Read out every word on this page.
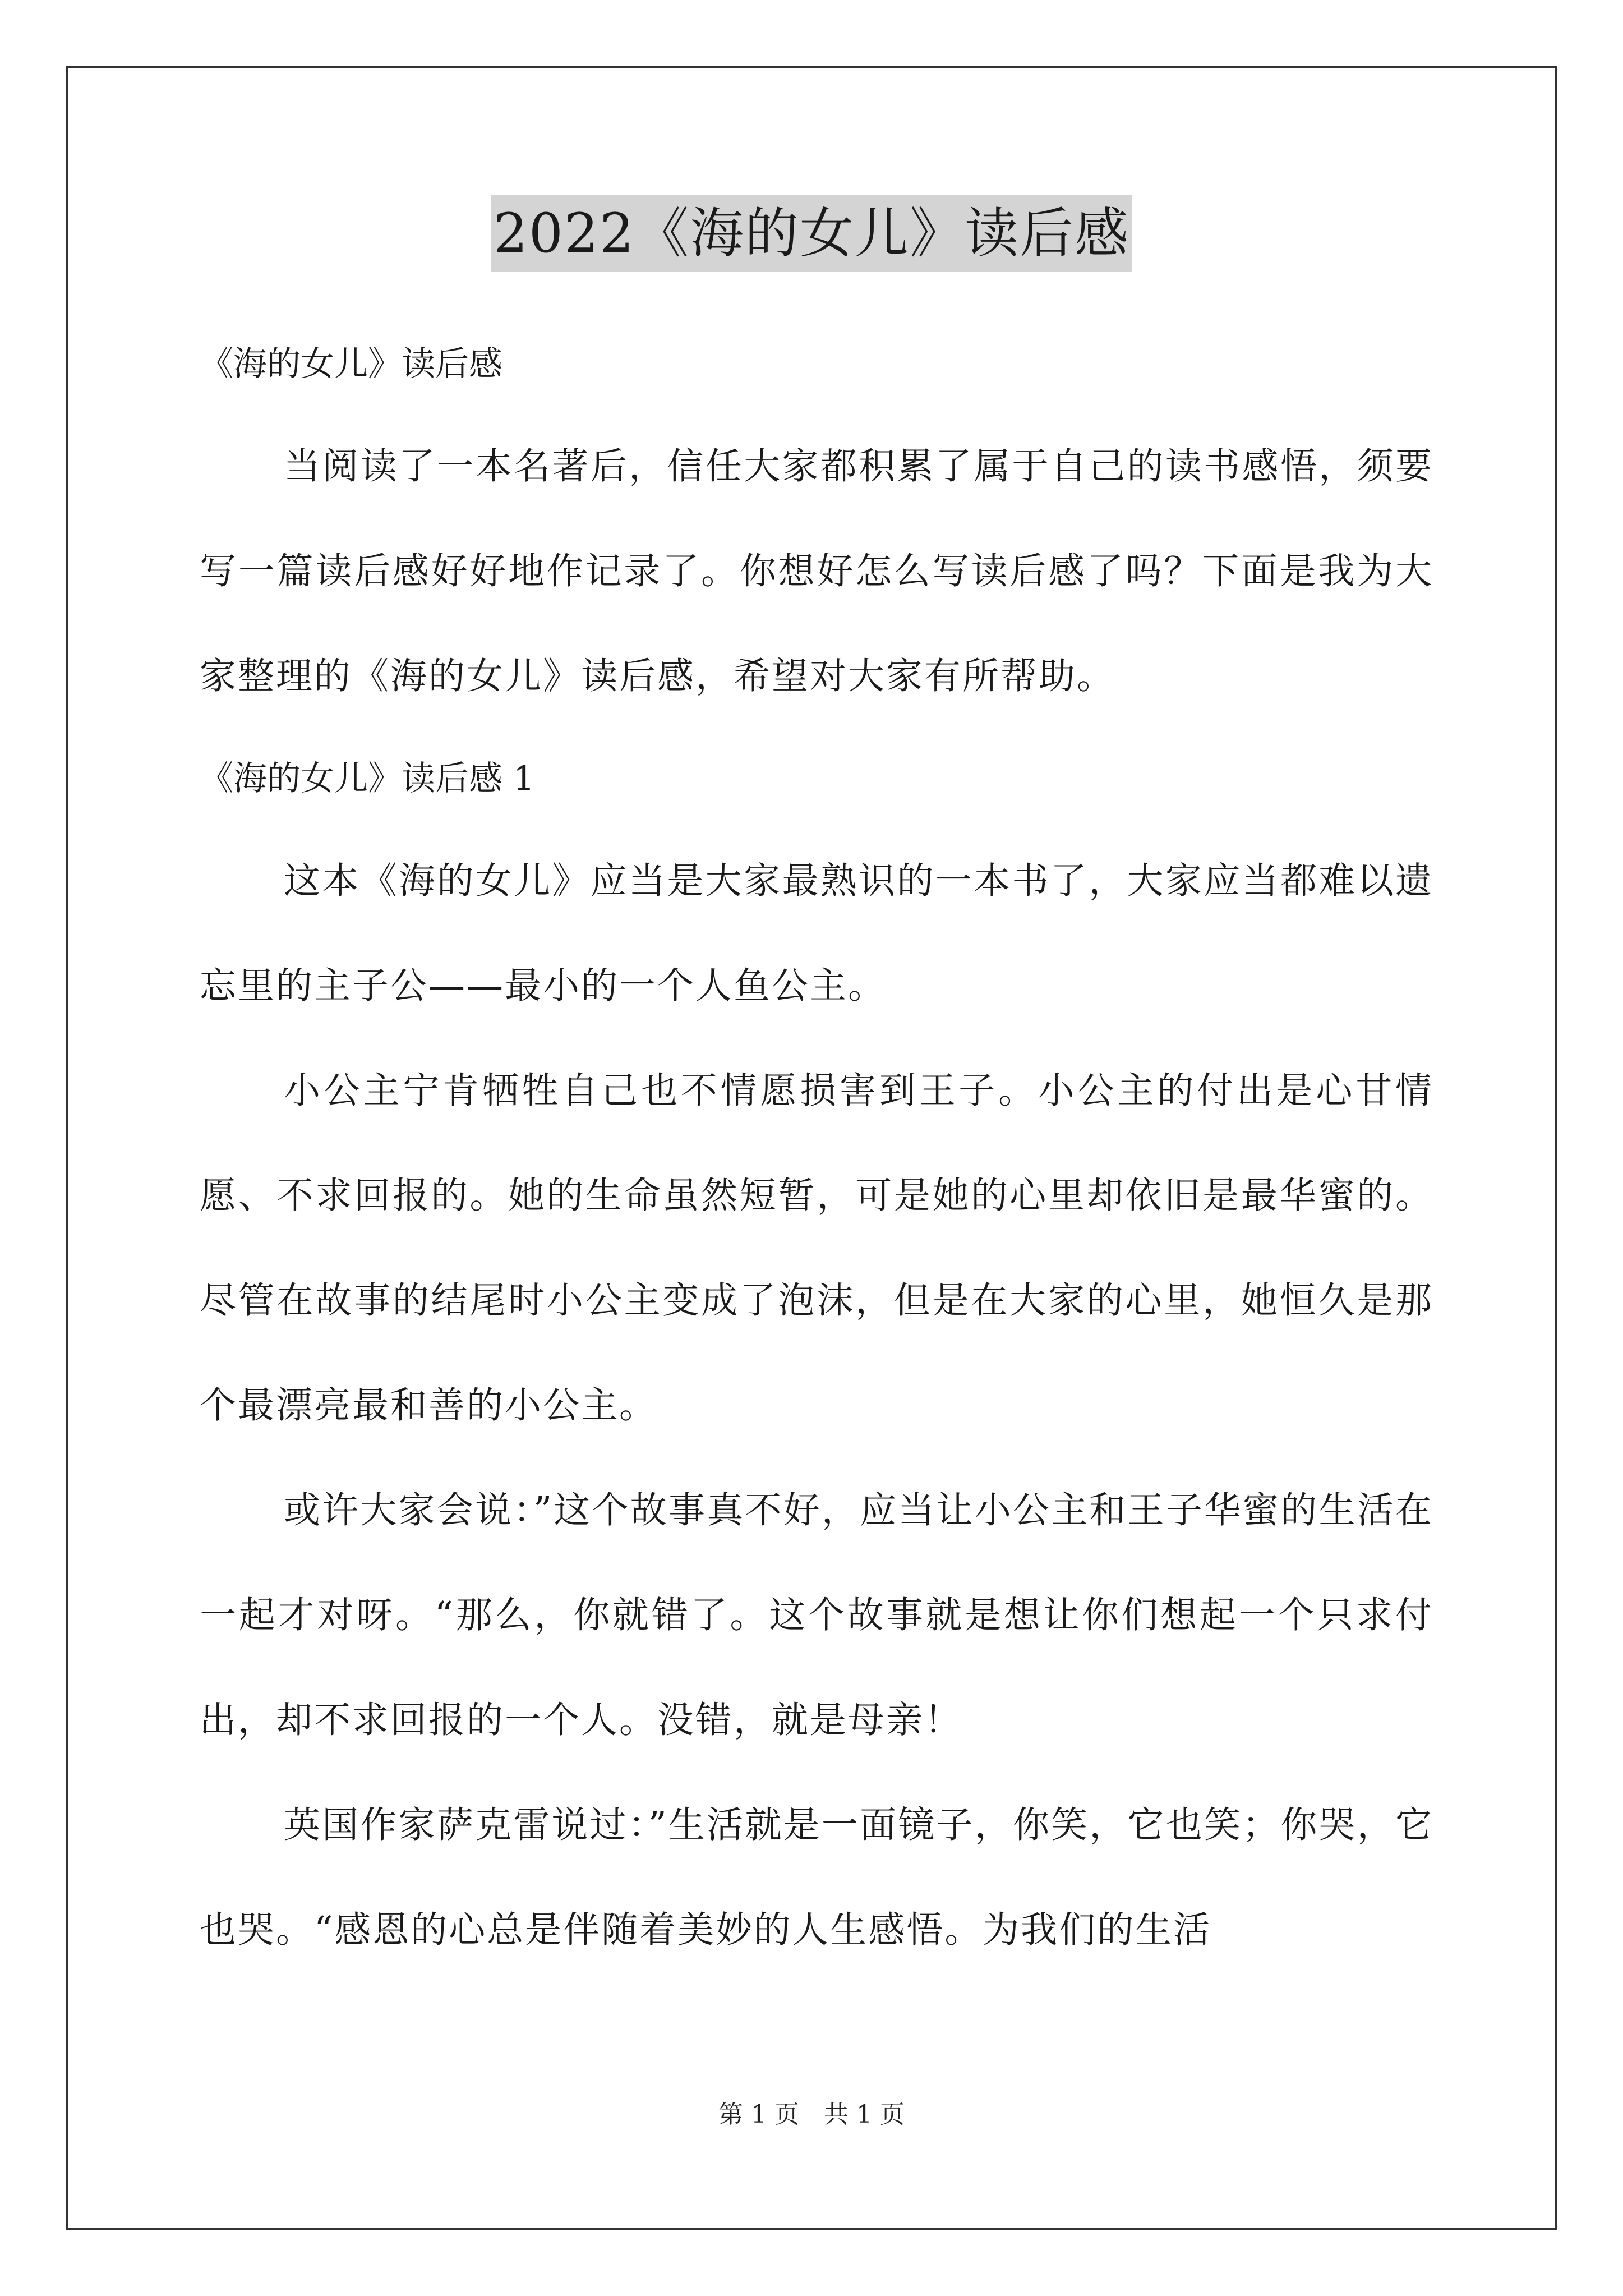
2022《海的女儿》读后感

《海的女儿》读后感

当阅读了一本名著后，信任大家都积累了属于自己的读书感悟，须要写一篇读后感好好地作记录了。你想好怎么写读后感了吗？下面是我为大家整理的《海的女儿》读后感，希望对大家有所帮助。

《海的女儿》读后感 1

这本《海的女儿》应当是大家最熟识的一本书了，大家应当都难以遗忘里的主子公——最小的一个人鱼公主。

小公主宁肯牺牲自己也不情愿损害到王子。小公主的付出是心甘情愿、不求回报的。她的生命虽然短暂，可是她的心里却依旧是最华蜜的。尽管在故事的结尾时小公主变成了泡沫，但是在大家的心里，她恒久是那个最漂亮最和善的小公主。

或许大家会说：”这个故事真不好，应当让小公主和王子华蜜的生活在一起才对呀。“那么，你就错了。这个故事就是想让你们想起一个只求付出，却不求回报的一个人。没错，就是母亲！

英国作家萨克雷说过：”生活就是一面镜子，你笑，它也笑；你哭，它也哭。“感恩的心总是伴随着美妙的人生感悟。为我们的生活

第 1 页　共 1 页
